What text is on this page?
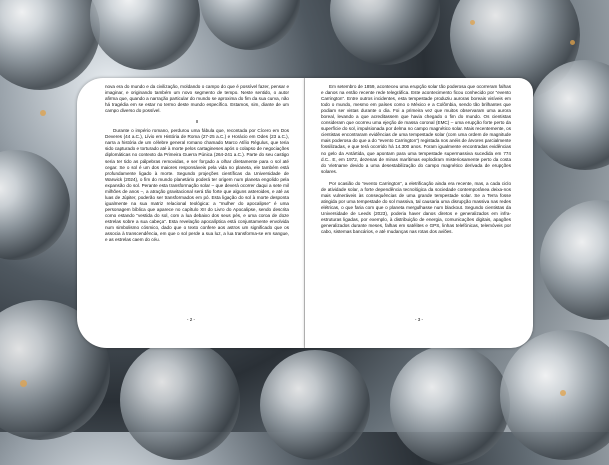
nova era do mundo e da civilização, moldando o campo do que é possível fazer, pensar e imaginar, e originando também um novo segmento de tempo. Neste sentido, o autor afirma que, quando a narração particular do mundo se aproxima do fim da sua curva, não há tragédia em se estar no termo deste mundo específico. Estamos, sim, diante de um campo diverso do possível.

II

Durante o império romano, perdurou uma fábula que, recontada por Cícero em Dos Deveres (44 a.C.), Lívio em História de Roma (27-25 a.C.) e Horácio em Odes (23 a.C.), narra a história de um célebre general romano chamado Marco Atílio Régulus, que teria sido capturado e torturado até à morte pelos cartagineses após o colapso de negociações diplomáticas no contexto da Primeira Guerra Púnica (264-241 a.C.). Parte do seu castigo seria ter tido as pálpebras removidas, e ser forçado a olhar diretamente para o sol até cegar. Se o sol é um dos maiores responsáveis pela vida no planeta, ele também está profundamente ligado à morte. Segundo projeções científicas da Universidade de Warwick (2024), o fim do mundo planetário poderá ter origem num planeta engolido pela expansão do sol. Perante esta transformação solar – que deverá ocorrer daqui a sete mil milhões de anos –, a atração gravitacional será tão forte que alguns asteroides, e até as luas de Júpiter, poderão ser transformados em pó. Esta ligação do sol à morte desponta igualmente na sua matriz relacional teológica: a “mulher do apocalipse” é uma personagem bíblica que aparece no capítulo XII do Livro do Apocalipse, sendo descrita como estando “vestida do sol, com a lua debaixo dos seus pés, e uma coroa de doze estrelas sobre a sua cabeça”. Esta revelação apocalíptica está conjuntamente envolvida num simbolismo cósmico, dado que o texto confere aos astros um significado que os associa à transcendência, em que o sol perde a sua luz, a lua transforma-se em sangue, e as estrelas caem do céu.

- 2 -

Em setembro de 1859, aconteceu uma erupção solar tão poderosa que ocorreram falhas e danos na então recente rede telegráfica. Este acontecimento ficou conhecido por “evento Carrington”. Entre outros incidentes, esta tempestade produziu auroras boreais visíveis em todo o mundo, mesmo em países como o México e a Colômbia, sendo tão brilhantes que podiam ser vistas durante o dia. Foi a primeira vez que muitos observaram uma aurora boreal, levando a que acreditassem que havia chegado o fim do mundo. Os cientistas consideram que ocorreu uma ejeção de massa coronal (EMC) – uma erupção forte perto da superfície do sol, impulsionada por delma no campo magnético solar. Mais recentemente, os cientistas encontraram evidências de uma tempestade solar (com uma ordem de magnitude mais poderosa do que a do “evento Carrington”) registada nos anéis de árvores parcialmente fossilizadas, e que terá ocorrido há 14.300 anos. Foram igualmente encontradas evidências no gelo da Antártida, que apontam para uma tempestade supermassiva sucedida em 774 d.C.. E, em 1972, dezenas de minas marítimas explodiram misteriosamente perto da costa do Vietname devido a uma desestabilização do campo magnético derivada de erupções solares.

Por ocasião do “evento Carrington”, a eletrificação ainda era recente, mas, a cada ciclo de atividade solar, a forte dependência tecnológica da sociedade contemporânea deixa-nos mais vulneráveis às consequências de uma grande tempestade solar. Se a Terra fosse atingida por uma tempestade do sol massiva, tal causaria uma disrupção massiva nas redes elétricas, o que faria com que o planeta mergulhasse num blackout. Segundo cientistas da Universidade de Leeds (2023), poderia haver danos diretos e generalizados em infra-estruturas ligadas, por exemplo, à distribuição de energia, comunicações digitais, apagões generalizados durante meses, falhas em satélites e GPS, linhas telefónicas, telemóveis por cabo, sistemas bancários, e até mudanças nas rotas dos aviões.

- 3 -
